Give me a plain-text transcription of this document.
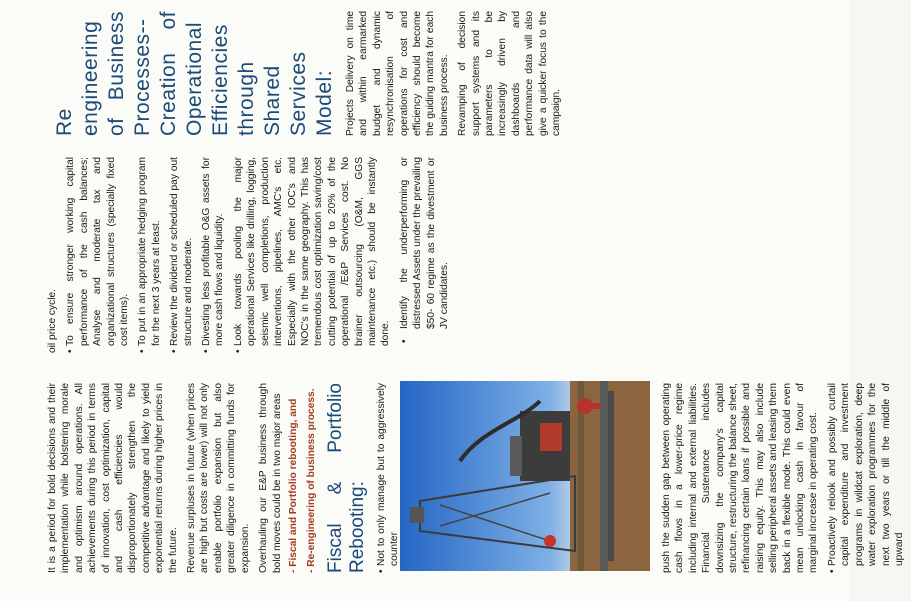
It is a period for bold decisions and their implementation while bolstering morale and optimism around operations. All achievements during this period in terms of innovation, cost optimization, capital and cash efficiencies would disproportionately strengthen the competitive advantage and likely to yield exponential returns during higher prices in the future. Revenue surpluses in future (when prices are high but costs are lower) will not only enable portfolio expansion but also greater diligence in committing funds for expansion. Overhauling our E&P business through bold moves could be in two major areas - Fiscal and Portfolio rebooting, and - Re-engineering of business process. Fiscal & Portfolio Rebooting: •
Not to only manage but to aggressively counter	push the sudden gap between operating cash flows in a lower-price regime including internal and external liabilities. Financial Sustenance includes downsizing the company's capital structure, restructuring the balance sheet, refinancing certain loans if possible and raising equity. This may also include selling peripheral assets and leasing them back in a flexible mode. This could even mean unlocking cash in favour of marginal increase in operating cost. •
Proactively relook and possibly curtail capital expenditure and investment programs in wildcat exploration, deep water exploration programmes for the next two years or till the middle of upward

oil price cycle. •
To ensure stronger working capital performance of the cash balances; Analyse and moderate tax and organizational structures (specially fixed cost items).
•
To put in an appropriate hedging program for the next 3 years at least.
•
Review the dividend or scheduled pay out structure and moderate.
•
Divesting less profitable O&G assets for more cash flows and liquidity.
•
Look towards pooling the major operational Services like drilling, logging, seismic well completions, production interventions, pipelines, AMC's etc. Especially with the other IOC's and NOC's in the same geography. This has tremendous cost optimization saving/cost cutting potential of up to 20% of the operational /E&P Services cost. No brainer outsourcing (O&M, GGS maintenance etc.) should be instantly done. •
Identify the underperforming or distressed Assets under the prevailing $50- 60 regime as the divestment or JV candidates.
Re engineering of Business Processes-- Creation of Operational Efficiencies through Shared Services Model: Projects Delivery on time and within earmarked budget and dynamic resynchronisation of operations for cost and efficiency should become the guiding mantra for each business process. Revamping of decision support systems and its parameters to be increasingly driven by dashboards and performance data will also give a quicker focus to the campaign.
